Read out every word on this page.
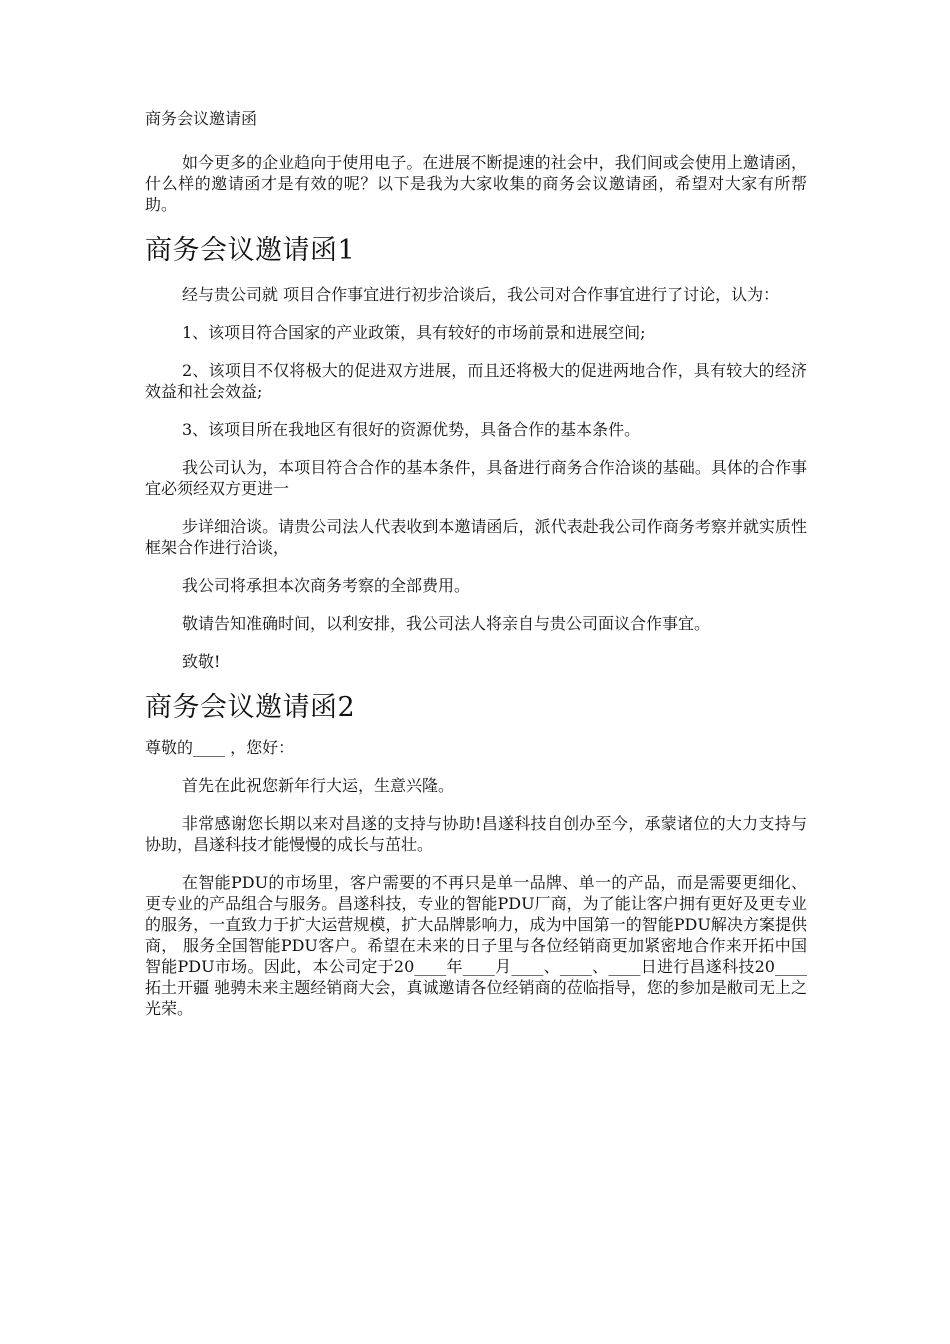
商务会议邀请函

如今更多的企业趋向于使用电子。在进展不断提速的社会中，我们间或会使用上邀请函，什么样的邀请函才是有效的呢？以下是我为大家收集的商务会议邀请函，希望对大家有所帮助。

商务会议邀请函1

经与贵公司就 项目合作事宜进行初步洽谈后，我公司对合作事宜进行了讨论，认为：

1、该项目符合国家的产业政策，具有较好的市场前景和进展空间;

2、该项目不仅将极大的促进双方进展，而且还将极大的促进两地合作，具有较大的经济效益和社会效益;

3、该项目所在我地区有很好的资源优势，具备合作的基本条件。

我公司认为，本项目符合合作的基本条件，具备进行商务合作洽谈的基础。具体的合作事宜必须经双方更进一

步详细洽谈。请贵公司法人代表收到本邀请函后，派代表赴我公司作商务考察并就实质性框架合作进行洽谈，

我公司将承担本次商务考察的全部费用。

敬请告知准确时间，以利安排，我公司法人将亲自与贵公司面议合作事宜。

致敬!

商务会议邀请函2

尊敬的____ ，您好：

首先在此祝您新年行大运，生意兴隆。

非常感谢您长期以来对昌遂的支持与协助!昌遂科技自创办至今，承蒙诸位的大力支持与协助，昌遂科技才能慢慢的成长与茁壮。

在智能PDU的市场里，客户需要的不再只是单一品牌、单一的产品，而是需要更细化、更专业的产品组合与服务。昌遂科技，专业的智能PDU厂商，为了能让客户拥有更好及更专业的服务，一直致力于扩大运营规模，扩大品牌影响力，成为中国第一的智能PDU解决方案提供商， 服务全国智能PDU客户。希望在未来的日子里与各位经销商更加紧密地合作来开拓中国智能PDU市场。因此，本公司定于20____年____月____、____、____日进行昌遂科技20____拓土开疆 驰骋未来主题经销商大会，真诚邀请各位经销商的莅临指导，您的参加是敝司无上之光荣。
